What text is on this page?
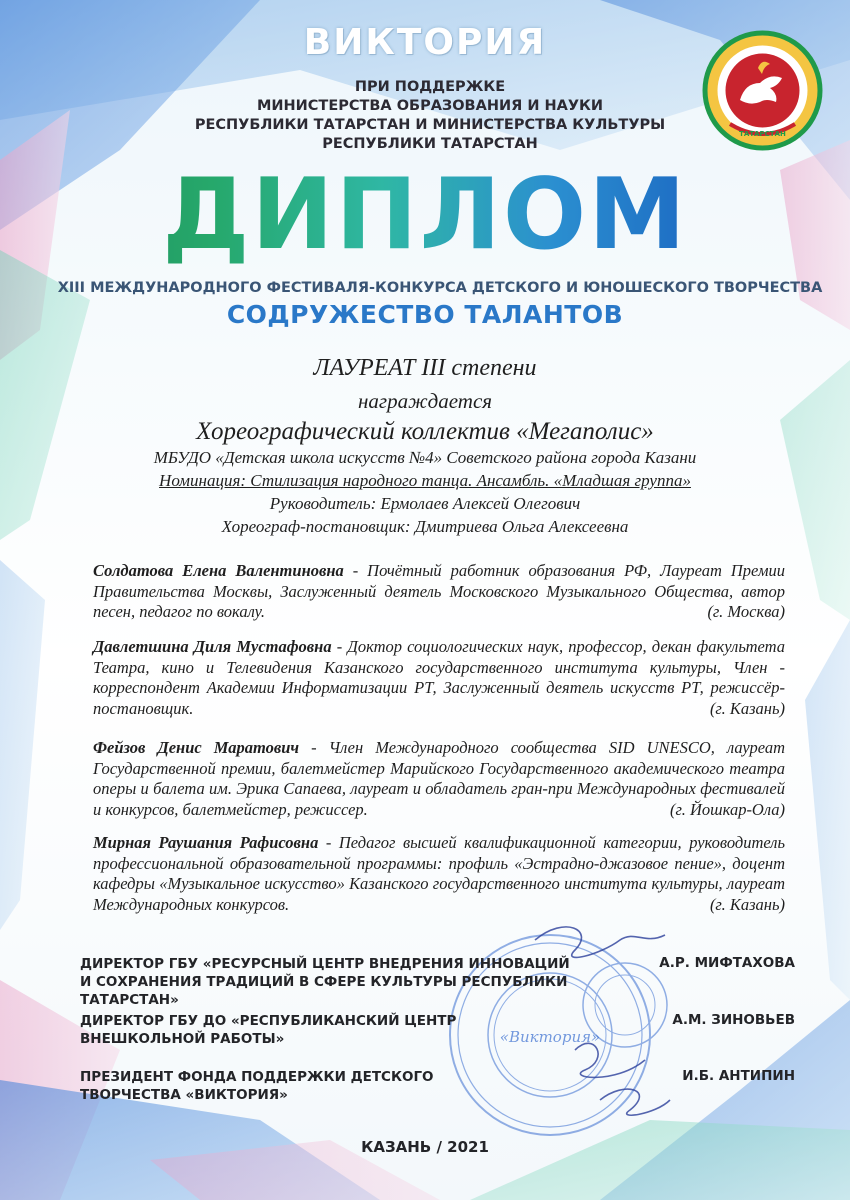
ВИКТОРИЯ
ПРИ ПОДДЕРЖКЕ
МИНИСТЕРСТВА ОБРАЗОВАНИЯ И НАУКИ
РЕСПУБЛИКИ ТАТАРСТАН И МИНИСТЕРСТВА КУЛЬТУРЫ
РЕСПУБЛИКИ ТАТАРСТАН
ТАТАРСТАН
ДИПЛОМ
XIII МЕЖДУНАРОДНОГО ФЕСТИВАЛЯ-КОНКУРСА ДЕТСКОГО И ЮНОШЕСКОГО ТВОРЧЕСТВА
СОДРУЖЕСТВО ТАЛАНТОВ
ЛАУРЕАТ III степени
награждается
Хореографический коллектив «Мегаполис»
МБУДО «Детская школа искусств №4» Советского района города Казани
Номинация: Стилизация народного танца. Ансамбль. «Младшая группа»
Руководитель: Ермолаев Алексей Олегович
Хореограф-постановщик: Дмитриева Ольга Алексеевна
Солдатова Елена Валентиновна - Почётный работник образования РФ, Лауреат Премии Правительства Москвы, Заслуженный деятель Московского Музыкального Общества, автор песен, педагог по вокалу.	(г. Москва)
Давлетшина Диля Мустафовна - Доктор социологических наук, профессор, декан факультета Театра, кино и Телевидения Казанского государственного института культуры, Член - корреспондент Академии Информатизации РТ, Заслуженный деятель искусств РТ, режиссёр- постановщик.	(г. Казань)
Фейзов Денис Маратович - Член Международного сообщества SID UNESCO, лауреат Государственной премии, балетмейстер Марийского Государственного академического театра оперы и балета им. Эрика Сапаева, лауреат и обладатель гран-при Международных фестивалей и конкурсов, балетмейстер, режиссер.	(г. Йошкар-Ола)
Мирная Раушания Рафисовна - Педагог высшей квалификационной категории, руководитель профессиональной образовательной программы: профиль «Эстрадно-джазовое пение», доцент кафедры «Музыкальное искусство» Казанского государственного института культуры, лауреат Международных конкурсов.	(г. Казань)
«Виктория»
ДИРЕКТОР ГБУ «РЕСУРСНЫЙ ЦЕНТР ВНЕДРЕНИЯ ИННОВАЦИЙ
И СОХРАНЕНИЯ ТРАДИЦИЙ В СФЕРЕ КУЛЬТУРЫ РЕСПУБЛИКИ ТАТАРСТАН»
А.Р. МИФТАХОВА
ДИРЕКТОР ГБУ ДО «РЕСПУБЛИКАНСКИЙ ЦЕНТР
ВНЕШКОЛЬНОЙ РАБОТЫ»
А.М. ЗИНОВЬЕВ
ПРЕЗИДЕНТ ФОНДА ПОДДЕРЖКИ ДЕТСКОГО
ТВОРЧЕСТВА «ВИКТОРИЯ»
И.Б. АНТИПИН
КАЗАНЬ / 2021
